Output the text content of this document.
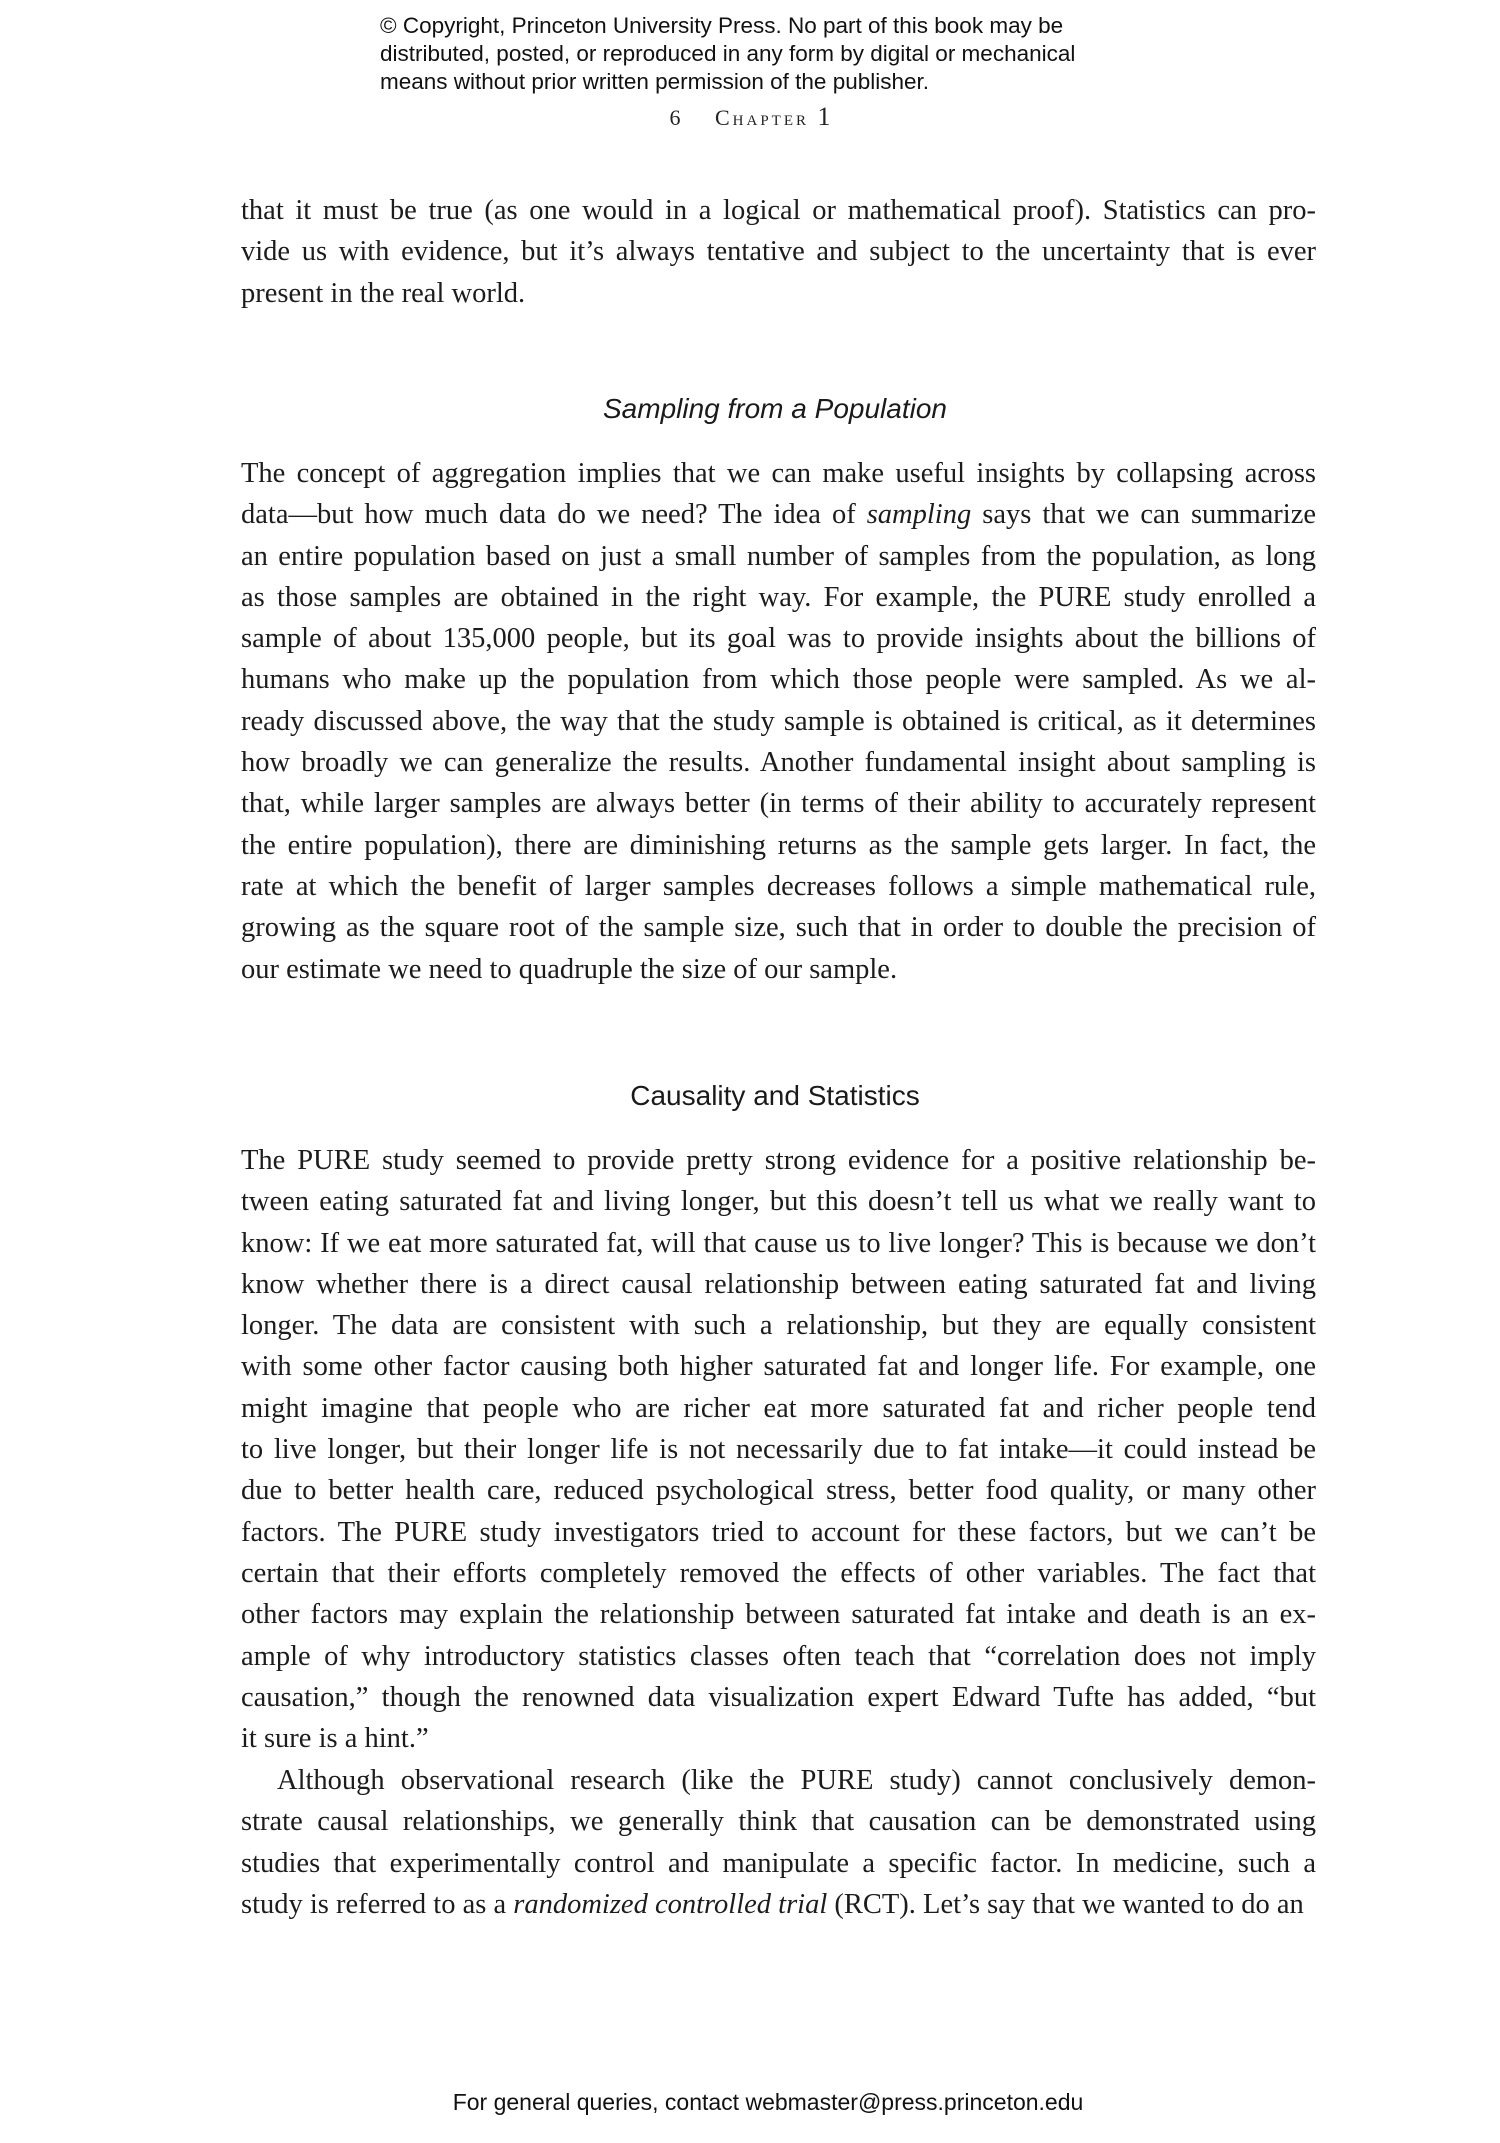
© Copyright, Princeton University Press. No part of this book may be
distributed, posted, or reproduced in any form by digital or mechanical
means without prior written permission of the publisher.
6 Chapter 1
that it must be true (as one would in a logical or mathematical proof). Statistics can pro-
vide us with evidence, but it’s always tentative and subject to the uncertainty that is ever
present in the real world.
Sampling from a Population
The concept of aggregation implies that we can make useful insights by collapsing across
data—but how much data do we need? The idea of sampling says that we can summarize
an entire population based on just a small number of samples from the population, as long
as those samples are obtained in the right way. For example, the PURE study enrolled a
sample of about 135,000 people, but its goal was to provide insights about the billions of
humans who make up the population from which those people were sampled. As we al-
ready discussed above, the way that the study sample is obtained is critical, as it determines
how broadly we can generalize the results. Another fundamental insight about sampling is
that, while larger samples are always better (in terms of their ability to accurately represent
the entire population), there are diminishing returns as the sample gets larger. In fact, the
rate at which the benefit of larger samples decreases follows a simple mathematical rule,
growing as the square root of the sample size, such that in order to double the precision of
our estimate we need to quadruple the size of our sample.
Causality and Statistics
The PURE study seemed to provide pretty strong evidence for a positive relationship be-
tween eating saturated fat and living longer, but this doesn’t tell us what we really want to
know: If we eat more saturated fat, will that cause us to live longer? This is because we don’t
know whether there is a direct causal relationship between eating saturated fat and living
longer. The data are consistent with such a relationship, but they are equally consistent
with some other factor causing both higher saturated fat and longer life. For example, one
might imagine that people who are richer eat more saturated fat and richer people tend
to live longer, but their longer life is not necessarily due to fat intake—it could instead be
due to better health care, reduced psychological stress, better food quality, or many other
factors. The PURE study investigators tried to account for these factors, but we can’t be
certain that their efforts completely removed the effects of other variables. The fact that
other factors may explain the relationship between saturated fat intake and death is an ex-
ample of why introductory statistics classes often teach that “correlation does not imply
causation,” though the renowned data visualization expert Edward Tufte has added, “but
it sure is a hint.”
Although observational research (like the PURE study) cannot conclusively demon-
strate causal relationships, we generally think that causation can be demonstrated using
studies that experimentally control and manipulate a specific factor. In medicine, such a
study is referred to as a randomized controlled trial (RCT). Let’s say that we wanted to do an
For general queries, contact webmaster@press.princeton.edu
